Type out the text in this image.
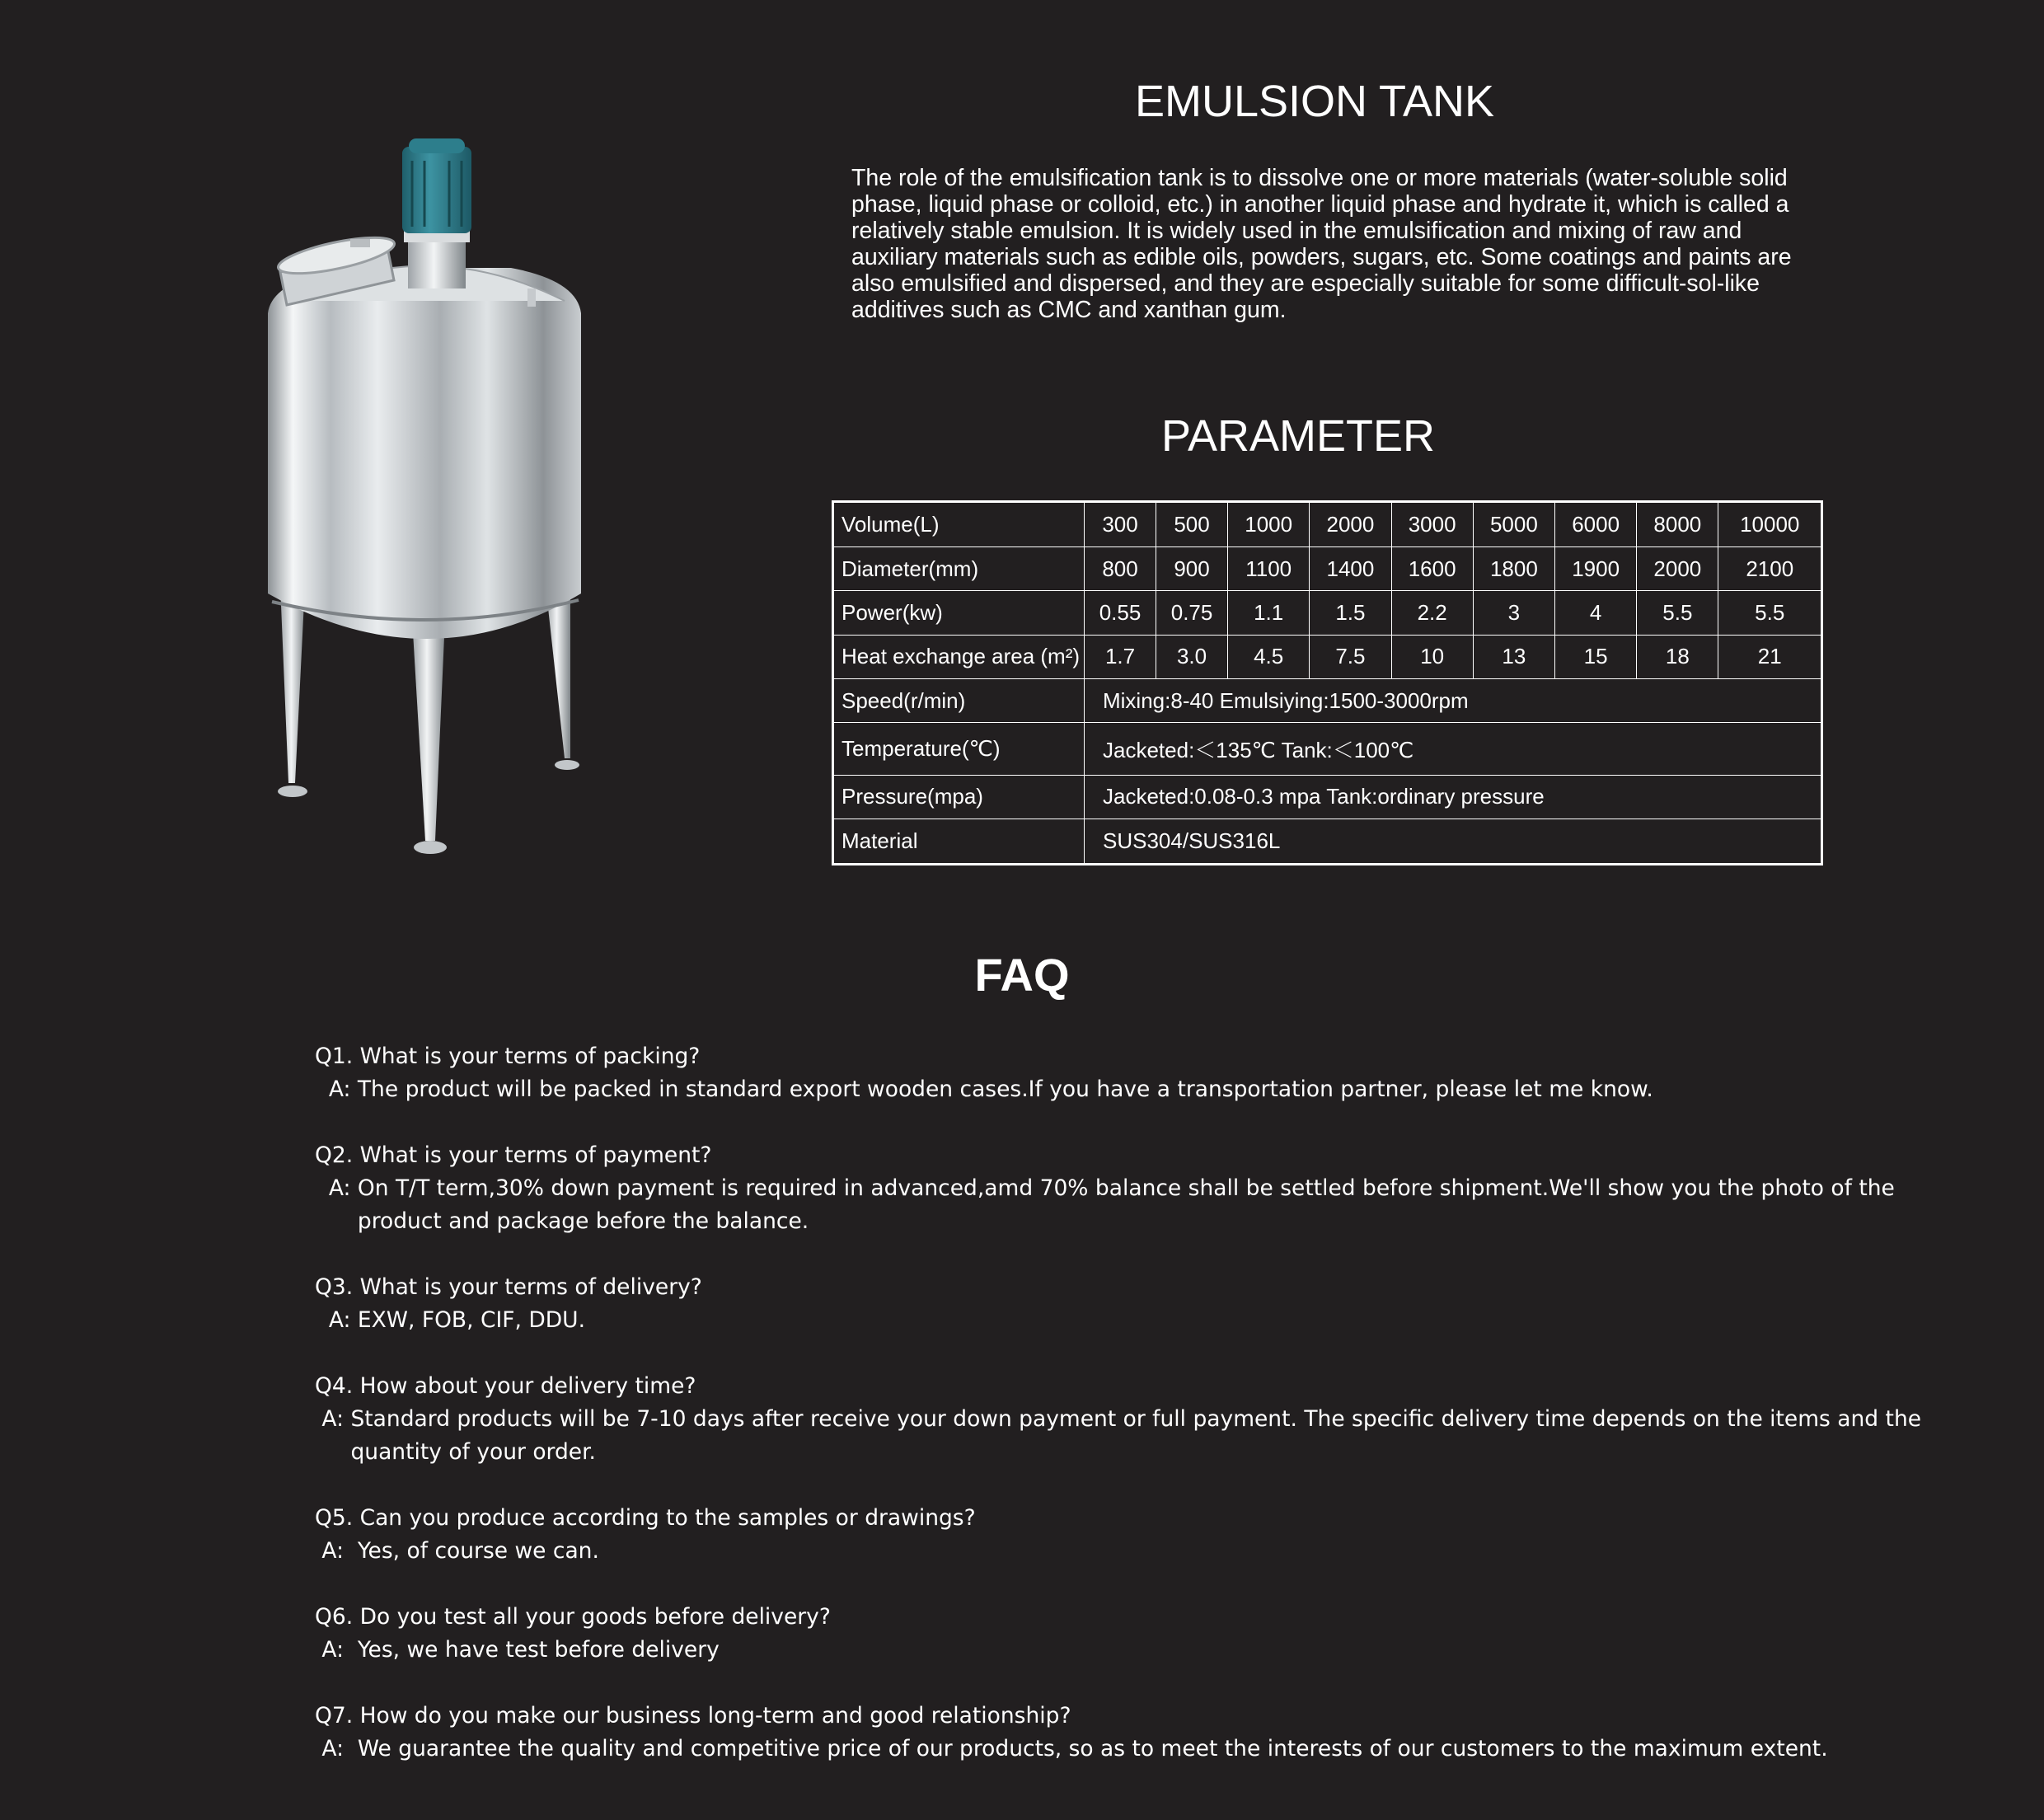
EMULSION TANK

The role of the emulsification tank is to dissolve one or more materials (water-soluble solid phase, liquid phase or colloid, etc.) in another liquid phase and hydrate it, which is called a relatively stable emulsion. It is widely used in the emulsification and mixing of raw and auxiliary materials such as edible oils, powders, sugars, etc. Some coatings and paints are also emulsified and dispersed, and they are especially suitable for some difficult-sol-like additives such as CMC and xanthan gum.

PARAMETER
Volume(L)	300	500	1000	2000	3000	5000	6000	8000	10000
Diameter(mm)	800	900	1100	1400	1600	1800	1900	2000	2100
Power(kw)	0.55	0.75	1.1	1.5	2.2	3	4	5.5	5.5
Heat exchange area (m²)	1.7	3.0	4.5	7.5	10	13	15	18	21
Speed(r/min)	Mixing:8-40 Emulsiying:1500-3000rpm								
Temperature(℃)	Jacketed:＜135℃ Tank:＜100℃								
Pressure(mpa)	Jacketed:0.08-0.3 mpa Tank:ordinary pressure								
Material	SUS304/SUS316L								
FAQ
Q1. What is your terms of packing?
A: The product will be packed in standard export wooden cases.If you have a transportation partner, please let me know.
Q2. What is your terms of payment?
A: On T/T term,30% down payment is required in advanced,amd 70% balance shall be settled before shipment.We'll show you the photo of the product and package before the balance.
Q3. What is your terms of delivery?
A: EXW, FOB, CIF, DDU.
Q4. How about your delivery time?
A: Standard products will be 7-10 days after receive your down payment or full payment. The specific delivery time depends on the items and the quantity of your order.
Q5. Can you produce according to the samples or drawings?
A: Yes, of course we can.
Q6. Do you test all your goods before delivery?
A: Yes, we have test before delivery
Q7. How do you make our business long-term and good relationship?
A: We guarantee the quality and competitive price of our products, so as to meet the interests of our customers to the maximum extent.
